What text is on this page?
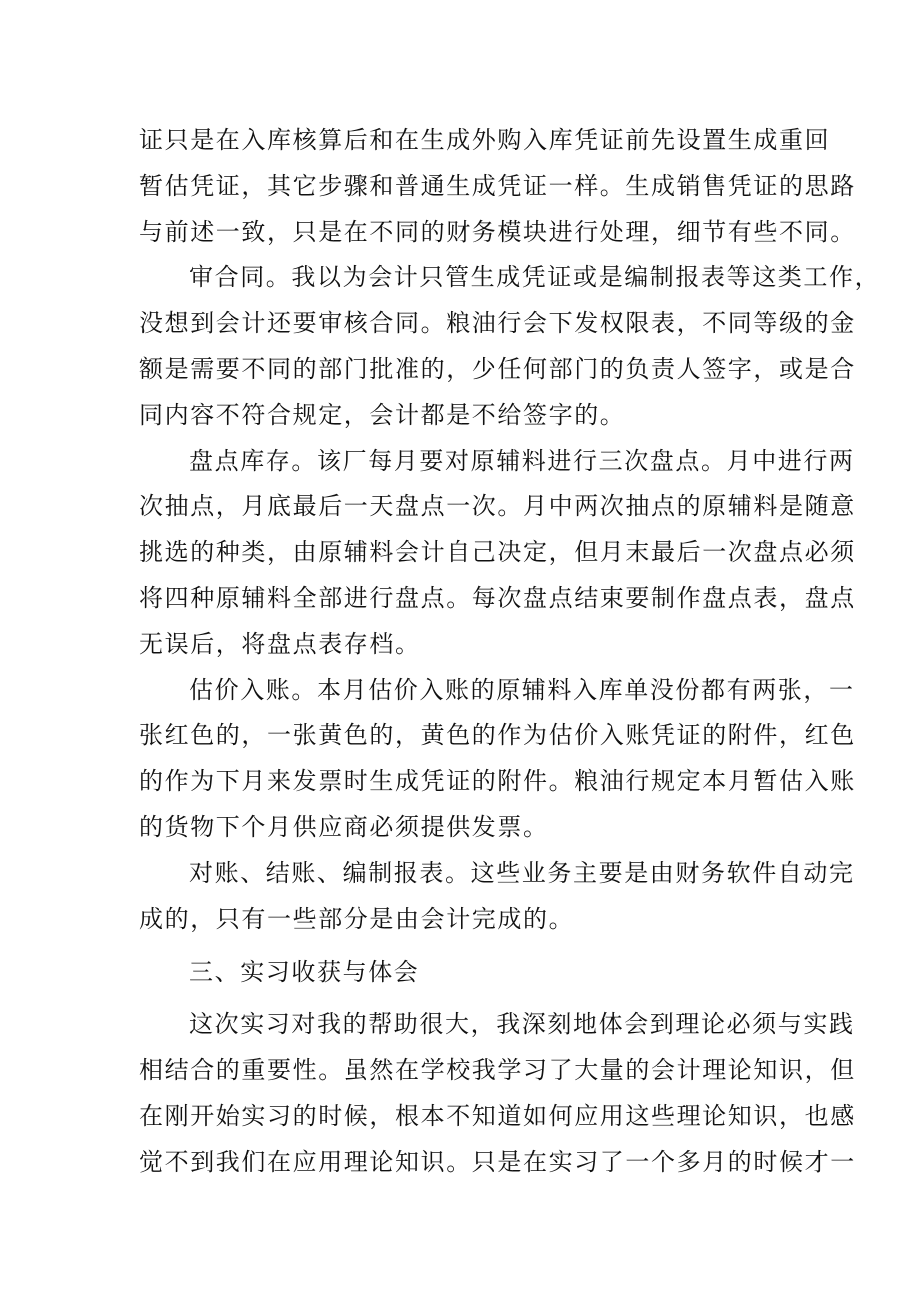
证只是在入库核算后和在生成外购入库凭证前先设置生成重回
暂估凭证，其它步骤和普通生成凭证一样。生成销售凭证的思路
与前述一致，只是在不同的财务模块进行处理，细节有些不同。
审合同。我以为会计只管生成凭证或是编制报表等这类工作，
没想到会计还要审核合同。粮油行会下发权限表，不同等级的金
额是需要不同的部门批准的，少任何部门的负责人签字，或是合
同内容不符合规定，会计都是不给签字的。
盘点库存。该厂每月要对原辅料进行三次盘点。月中进行两
次抽点，月底最后一天盘点一次。月中两次抽点的原辅料是随意
挑选的种类，由原辅料会计自己决定，但月末最后一次盘点必须
将四种原辅料全部进行盘点。每次盘点结束要制作盘点表，盘点
无误后，将盘点表存档。
估价入账。本月估价入账的原辅料入库单没份都有两张，一
张红色的，一张黄色的，黄色的作为估价入账凭证的附件，红色
的作为下月来发票时生成凭证的附件。粮油行规定本月暂估入账
的货物下个月供应商必须提供发票。
对账、结账、编制报表。这些业务主要是由财务软件自动完
成的，只有一些部分是由会计完成的。
三、实习收获与体会
这次实习对我的帮助很大，我深刻地体会到理论必须与实践
相结合的重要性。虽然在学校我学习了大量的会计理论知识，但
在刚开始实习的时候，根本不知道如何应用这些理论知识，也感
觉不到我们在应用理论知识。只是在实习了一个多月的时候才一
